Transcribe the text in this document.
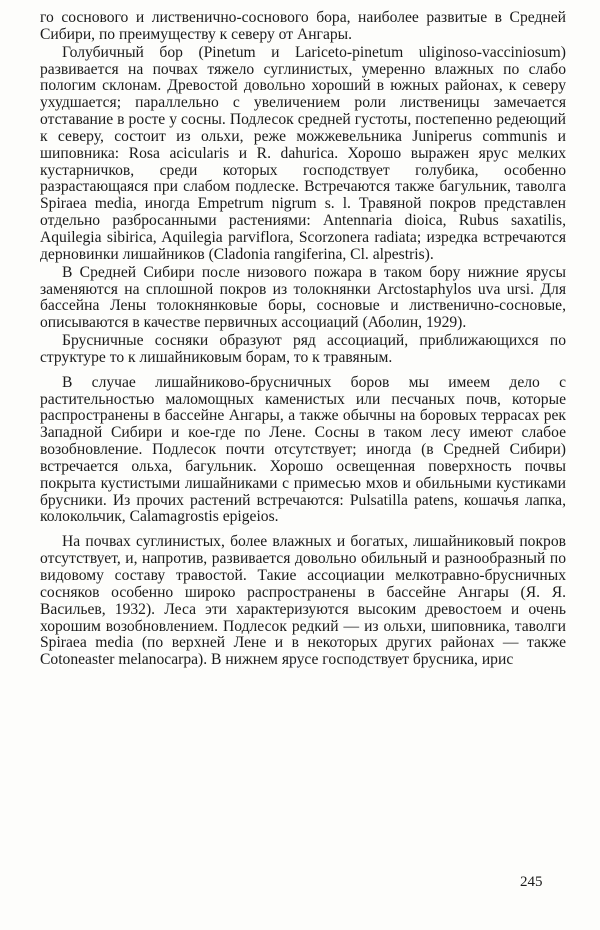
го соснового и лиственично-соснового бора, наиболее развитые в Средней Сибири, по преимуществу к северу от Ангары.

Голубичный бор (Pinetum и Lariceto-pinetum uliginoso-vacciniosum) развивается на почвах тяжело суглинистых, умеренно влажных по слабо пологим склонам. Древостой довольно хороший в южных районах, к северу ухудшается; параллельно с увеличением роли лиственицы замечается отставание в росте у сосны. Подлесок средней густоты, постепенно редеющий к северу, состоит из ольхи, реже можжевельника Juniperus communis и шиповника: Rosa acicularis и R. dahurica. Хорошо выражен ярус мелких кустарничков, среди которых господствует голубика, особенно разрастающаяся при слабом подлеске. Встречаются также багульник, таволга Spiraea media, иногда Empetrum nigrum s. l. Травяной покров представлен отдельно разбросанными растениями: Antennaria dioica, Rubus saxatilis, Aquilegia sibirica, Aquilegia parviflora, Scorzonera radiata; изредка встречаются дерновинки лишайников (Cladonia rangiferina, Cl. alpestris).

В Средней Сибири после низового пожара в таком бору нижние ярусы заменяются на сплошной покров из толокнянки Arctostaphylos uva ursi. Для бассейна Лены толокнянковые боры, сосновые и лиственично-сосновые, описываются в качестве первичных ассоциаций (Аболин, 1929).

Брусничные сосняки образуют ряд ассоциаций, приближающихся по структуре то к лишайниковым борам, то к травяным.

В случае лишайниково-брусничных боров мы имеем дело с растительностью маломощных каменистых или песчаных почв, которые распространены в бассейне Ангары, а также обычны на боровых террасах рек Западной Сибири и кое-где по Лене. Сосны в таком лесу имеют слабое возобновление. Подлесок почти отсутствует; иногда (в Средней Сибири) встречается ольха, багульник. Хорошо освещенная поверхность почвы покрыта кустистыми лишайниками с примесью мхов и обильными кустиками брусники. Из прочих растений встречаются: Pulsatilla patens, кошачья лапка, колокольчик, Calamagrostis epigeios.

На почвах суглинистых, более влажных и богатых, лишайниковый покров отсутствует, и, напротив, развивается довольно обильный и разнообразный по видовому составу травостой. Такие ассоциации мелкотравно-брусничных сосняков особенно широко распространены в бассейне Ангары (Я. Я. Васильев, 1932). Леса эти характеризуются высоким древостоем и очень хорошим возобновлением. Подлесок редкий — из ольхи, шиповника, таволги Spiraea media (по верхней Лене и в некоторых других районах — также Cotoneaster melanocarpa). В нижнем ярусе господствует брусника, ирис

245
